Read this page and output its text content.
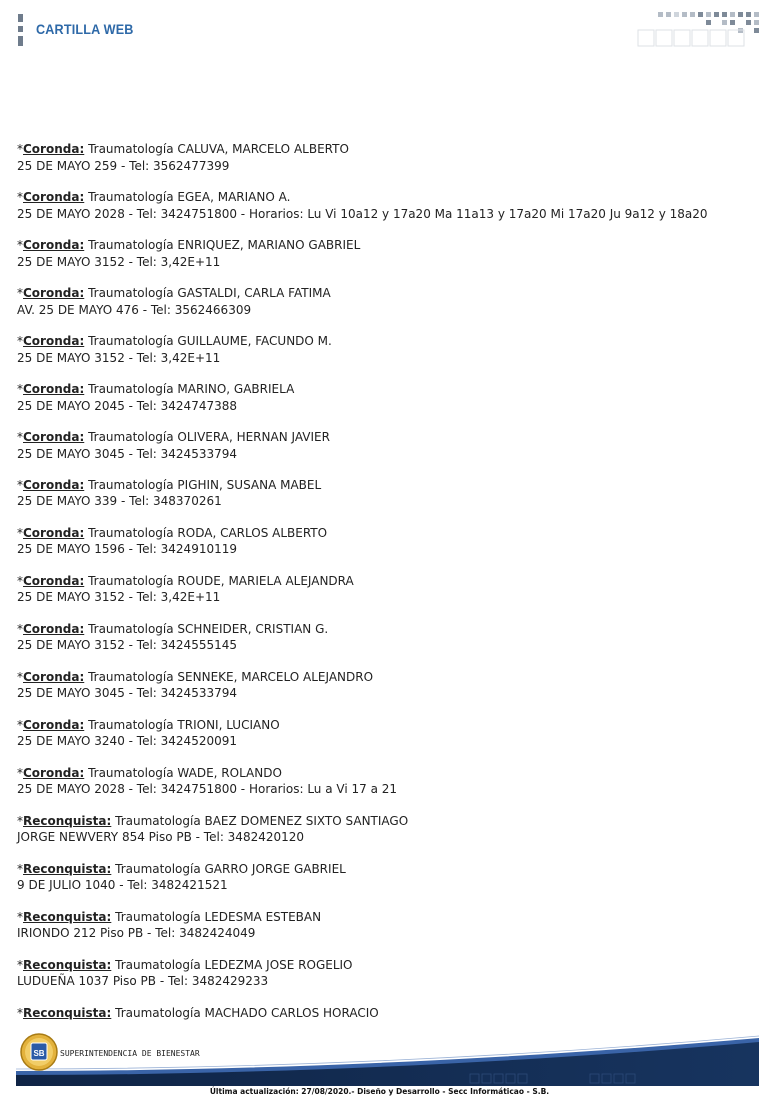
CARTILLA WEB
*Coronda: Traumatología CALUVA, MARCELO ALBERTO
25 DE MAYO 259 - Tel: 3562477399
*Coronda: Traumatología EGEA, MARIANO A.
25 DE MAYO 2028 - Tel: 3424751800 - Horarios: Lu Vi 10a12 y 17a20 Ma 11a13 y 17a20 Mi 17a20 Ju 9a12 y 18a20
*Coronda: Traumatología ENRIQUEZ, MARIANO GABRIEL
25 DE MAYO 3152 - Tel: 3,42E+11
*Coronda: Traumatología GASTALDI, CARLA FATIMA
AV. 25 DE MAYO 476 - Tel: 3562466309
*Coronda: Traumatología GUILLAUME, FACUNDO M.
25 DE MAYO 3152 - Tel: 3,42E+11
*Coronda: Traumatología MARINO, GABRIELA
25 DE MAYO 2045 - Tel: 3424747388
*Coronda: Traumatología OLIVERA, HERNAN JAVIER
25 DE MAYO 3045 - Tel: 3424533794
*Coronda: Traumatología PIGHIN, SUSANA MABEL
25 DE MAYO 339 - Tel: 348370261
*Coronda: Traumatología RODA, CARLOS ALBERTO
25 DE MAYO 1596 - Tel: 3424910119
*Coronda: Traumatología ROUDE, MARIELA ALEJANDRA
25 DE MAYO 3152 - Tel: 3,42E+11
*Coronda: Traumatología SCHNEIDER, CRISTIAN G.
25 DE MAYO 3152 - Tel: 3424555145
*Coronda: Traumatología SENNEKE, MARCELO ALEJANDRO
25 DE MAYO 3045 - Tel: 3424533794
*Coronda: Traumatología TRIONI, LUCIANO
25 DE MAYO 3240 - Tel: 3424520091
*Coronda: Traumatología WADE, ROLANDO
25 DE MAYO 2028 - Tel: 3424751800 - Horarios: Lu a Vi 17 a 21
*Reconquista: Traumatología BAEZ DOMENEZ SIXTO SANTIAGO
JORGE NEWVERY 854 Piso PB - Tel: 3482420120
*Reconquista: Traumatología GARRO JORGE GABRIEL
9 DE JULIO 1040 - Tel: 3482421521
*Reconquista: Traumatología LEDESMA ESTEBAN
IRIONDO 212 Piso PB - Tel: 3482424049
*Reconquista: Traumatología LEDEZMA JOSE ROGELIO
LUDUEÑA 1037 Piso PB - Tel: 3482429233
*Reconquista: Traumatología MACHADO CARLOS HORACIO
SB SUPERINTENDENCIA DE BIENESTAR
Última actualización: 27/08/2020.- Diseño y Desarrollo - Secc Informáticao - S.B.
